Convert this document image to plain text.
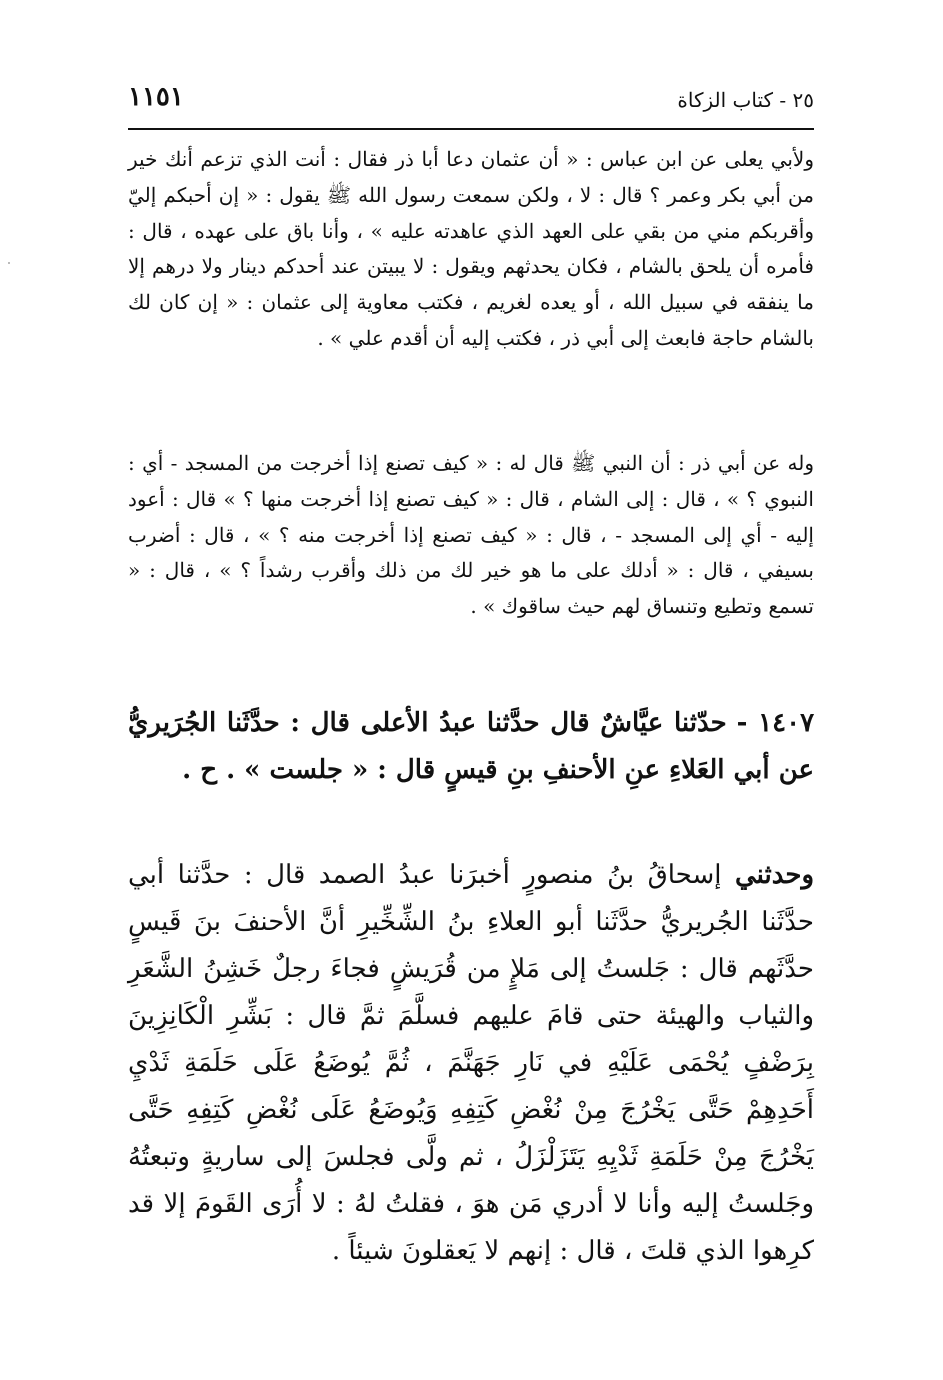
٢٥ - كتاب الزكاة
١١٥١

ولأبي يعلى عن ابن عباس : « أن عثمان دعا أبا ذر فقال : أنت الذي تزعم أنك خير من أبي بكر وعمر ؟ قال : لا ، ولكن سمعت رسول الله ﷺ يقول : « إن أحبكم إليّ وأقربكم مني من بقي على العهد الذي عاهدته عليه » ، وأنا باق على عهده ، قال : فأمره أن يلحق بالشام ، فكان يحدثهم ويقول : لا يبيتن عند أحدكم دينار ولا درهم إلا ما ينفقه في سبيل الله ، أو يعده لغريم ، فكتب معاوية إلى عثمان : « إن كان لك بالشام حاجة فابعث إلى أبي ذر ، فكتب إليه أن أقدم علي » .

وله عن أبي ذر : أن النبي ﷺ قال له : « كيف تصنع إذا أخرجت من المسجد - أي : النبوي ؟ » ، قال : إلى الشام ، قال : « كيف تصنع إذا أخرجت منها ؟ » قال : أعود إليه - أي إلى المسجد - ، قال : « كيف تصنع إذا أخرجت منه ؟ » ، قال : أضرب بسيفي ، قال : « أدلك على ما هو خير لك من ذلك وأقرب رشداً ؟ » ، قال : « تسمع وتطيع وتنساق لهم حيث ساقوك » .

١٤٠٧ - حدّثنا عيَّاشٌ قال حدَّثنا عبدُ الأعلى قال : حدَّثَنا الجُرَيريُّ عن أبي العَلاءِ عنِ الأحنفِ بنِ قيسٍ قال : « جلست » . ح .

وحدثني إسحاقُ بنُ منصورٍ أخبرَنا عبدُ الصمد قال : حدَّثنا أبي حدَّثَنا الجُريريُّ حدَّثَنا أبو العلاءِ بنُ الشِّخِّيرِ أنَّ الأحنفَ بنَ قَيسٍ حدَّثَهم قال : جَلستُ إلى مَلإٍ من قُرَيشٍ فجاءَ رجلٌ خَشِنُ الشَّعَرِ والثياب والهيئة حتى قامَ عليهم فسلَّمَ ثمَّ قال : بَشِّرِ الْكَانِزِينَ بِرَضْفٍ يُحْمَى عَلَيْهِ في نَارِ جَهَنَّمَ ، ثُمَّ يُوضَعُ عَلَى حَلَمَةِ ثَدْيِ أَحَدِهِمْ حَتَّى يَخْرُجَ مِنْ نُغْضِ كَتِفِهِ وَيُوضَعُ عَلَى نُغْضِ كَتِفِهِ حَتَّى يَخْرُجَ مِنْ حَلَمَةِ ثَدْيِهِ يَتَزَلْزَلُ ، ثم ولَّى فجلسَ إلى ساريةٍ وتبعتُهُ وجَلستُ إليه وأنا لا أدري مَن هوَ ، فقلتُ لهُ : لا أُرَى القَومَ إلا قد كرِهوا الذي قلتَ ، قال : إنهم لا يَعقلونَ شيئاً .
